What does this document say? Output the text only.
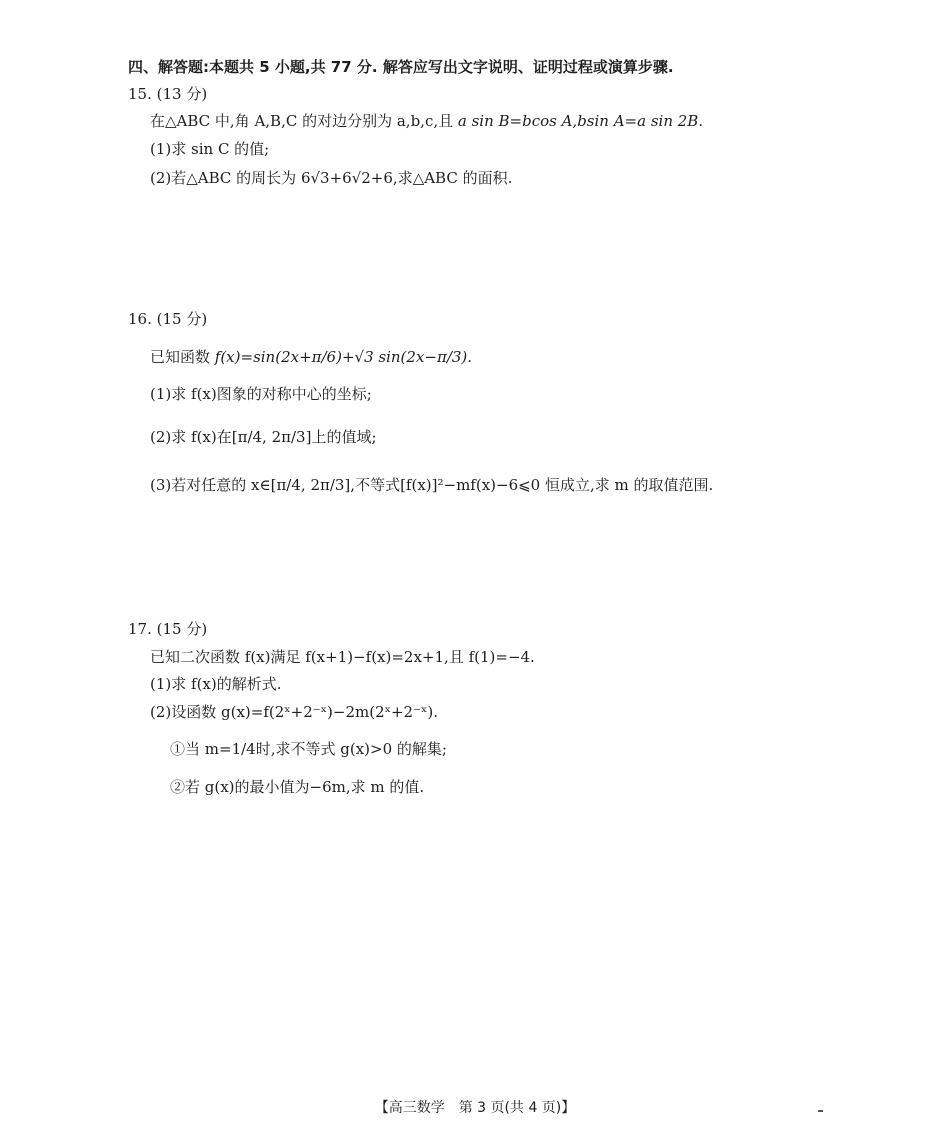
四、解答题:本题共 5 小题,共 77 分. 解答应写出文字说明、证明过程或演算步骤.
15. (13 分)
在△ABC 中,角 A,B,C 的对边分别为 a,b,c,且 a sin B=bcos A,bsin A=a sin 2B.
(1)求 sin C 的值;
(2)若△ABC 的周长为 6√3+6√2+6,求△ABC 的面积.
16. (15 分)
已知函数 f(x)=sin(2x+π/6)+√3 sin(2x−π/3).
(1)求 f(x)图象的对称中心的坐标;
(2)求 f(x)在[π/4, 2π/3]上的值域;
(3)若对任意的 x∈[π/4, 2π/3],不等式[f(x)]²−mf(x)−6⩽0 恒成立,求 m 的取值范围.
17. (15 分)
已知二次函数 f(x)满足 f(x+1)−f(x)=2x+1,且 f(1)=−4.
(1)求 f(x)的解析式.
(2)设函数 g(x)=f(2ˣ+2⁻ˣ)−2m(2ˣ+2⁻ˣ).
①当 m=1/4时,求不等式 g(x)>0 的解集;
②若 g(x)的最小值为−6m,求 m 的值.
【高三数学　第 3 页(共 4 页)】
